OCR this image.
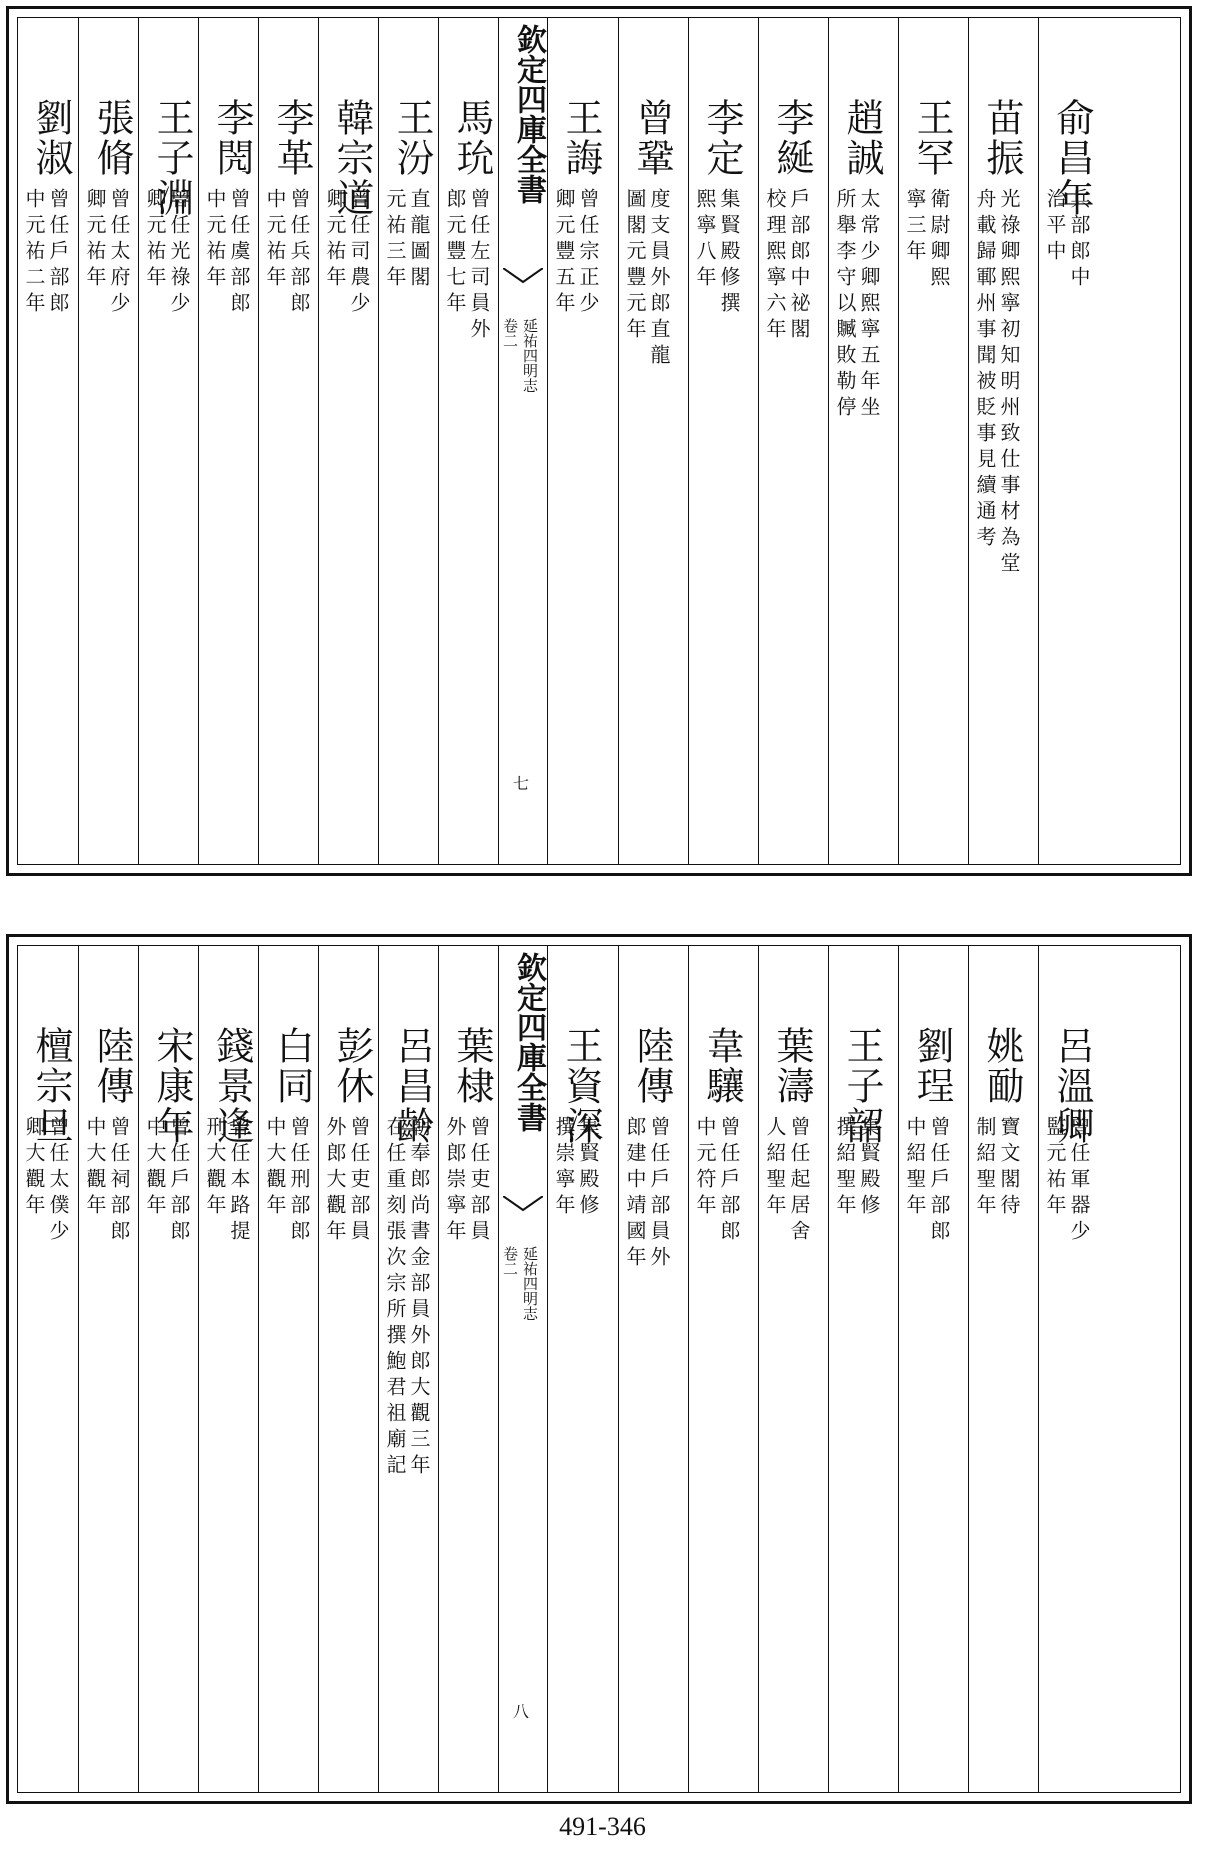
劉淑
曾任戶部郎
中元祐二年
張脩
曾任太府少
卿元祐年
王子淵
曾任光祿少
卿元祐年
李閌
曾任虞部郎
中元祐年
李革
曾任兵部郎
中元祐年
韓宗道
曾任司農少
卿元祐年
王汾
直龍圖閣
元祐三年
馬玧
曾任左司員外
郎元豐七年
欽定四庫全書
卷二 延祐四明志
七
王誨
曾任宗正少
卿元豐五年
曾鞏
度支員外郎直龍
圖閣元豐元年
李定
集賢殿修撰
熙寧八年
李綖
戶部郎中祕閣
校理熙寧六年
趙誠
太常少卿熙寧五年坐
所舉李守以贓敗勒停
王罕
衛尉卿熙
寧三年
苗振
光祿卿熙寧初知明州致仕事材為堂
舟載歸鄆州事聞被貶事見續通考
俞昌年
兵部郎中
治平中
檀宗旦
曾任太僕少
卿大觀年
陸傳
曾任祠部郎
中大觀年
宋康年
曾任戶部郎
中大觀年
錢景逢
曾任本路提
刑大觀年
白同
曾任刑部郎
中大觀年
彭休
曾任吏部員
外郎大觀年
呂昌齡
朝奉郎尚書金部員外郎大觀三年
在任重刻張次宗所撰鮑君祖廟記
葉棣
曾任吏部員
外郎崇寧年
欽定四庫全書
卷二 延祐四明志
八
王資深
集賢殿修
撰崇寧年
陸傳
曾任戶部員外
郎建中靖國年
韋驤
曾任戶部郎
中元符年
葉濤
曾任起居舍
人紹聖年
王子韶
集賢殿修
撰紹聖年
劉珵
曾任戶部郎
中紹聖年
姚勔
寶文閣待
制紹聖年
呂溫卿
曾任軍器少
監元祐年
491-346
